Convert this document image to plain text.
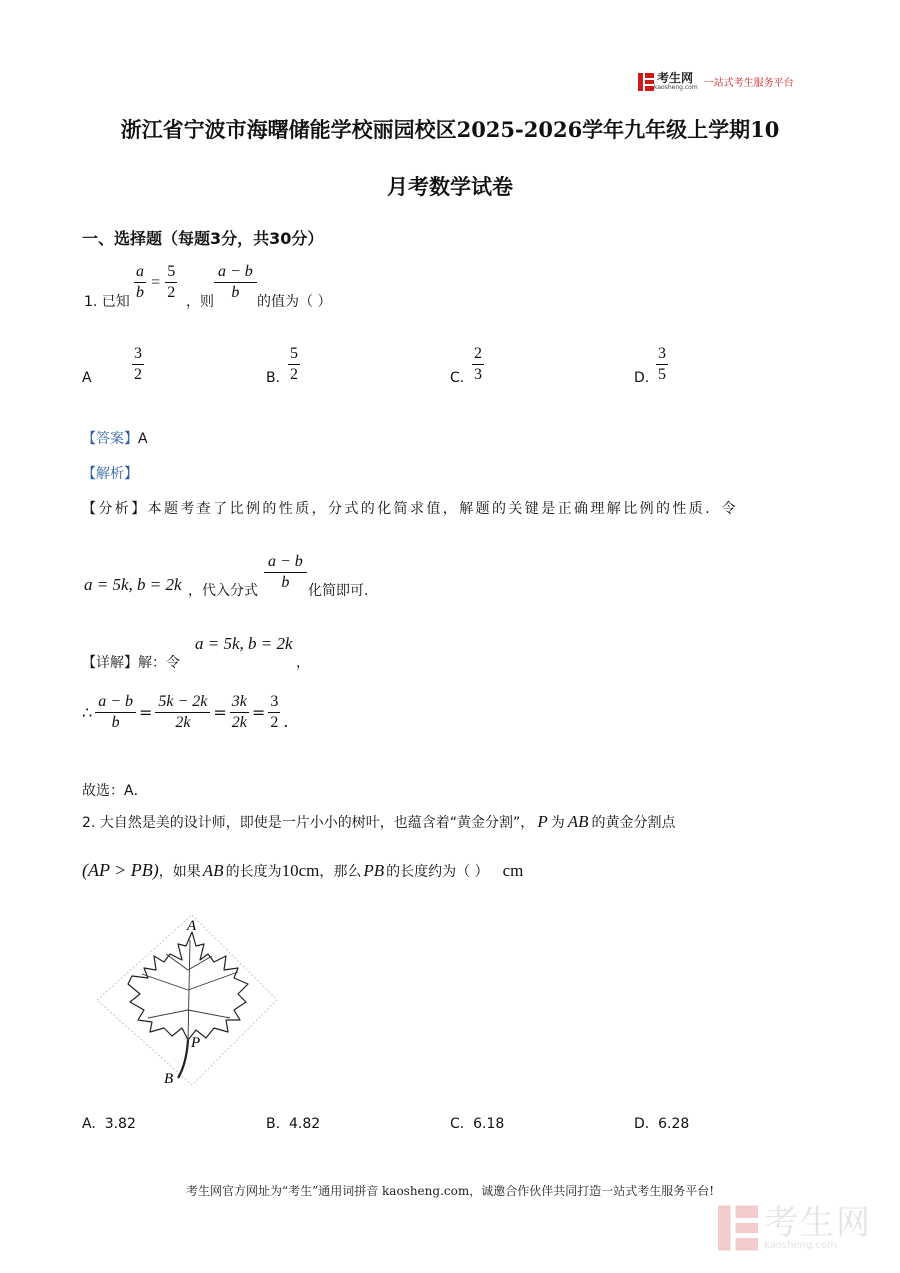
考生网
kaosheng.com 一站式考生服务平台
浙江省宁波市海曙储能学校丽园校区2025-2026学年九年级上学期10
月考数学试卷
一、选择题（每题3分，共30分）
1. 已知 $\frac{a}{b} = \frac{5}{2}$ ，则 $\frac{a - b}{b}$ 的值为（ ）
A	$\frac{3}{2}$	B. $\frac{5}{2}$	C. $\frac{2}{3}$	D. $\frac{3}{5}$
【答案】A
【解析】
【分析】本题考查了比例的性质，分式的化简求值，解题的关键是正确理解比例的性质．令
a = 5k, b = 2k ，代入分式 $\frac{a - b}{b}$ 化简即可.
【详解】解：令
a = 5k, b = 2k
，
∴ $\frac{a - b}{b} = \frac{5k - 2k}{2k} = \frac{3k}{2k} = \frac{3}{2}$ .
故选：A．
2. 大自然是美的设计师，即使是一片小小的树叶，也蕴含着“黄金分割”， P 为 AB 的黄金分割点
(AP > PB) ，如果 AB 的长度为 10cm ，那么 PB 的长度约为（ ） cm
A
P
B
A. 3.82	B. 4.82	C. 6.18	D. 6.28
考生网官方网址为“考生”通用词拼音 kaosheng.com，诚邀合作伙伴共同打造一站式考生服务平台!
考生网
kaosheng.com
